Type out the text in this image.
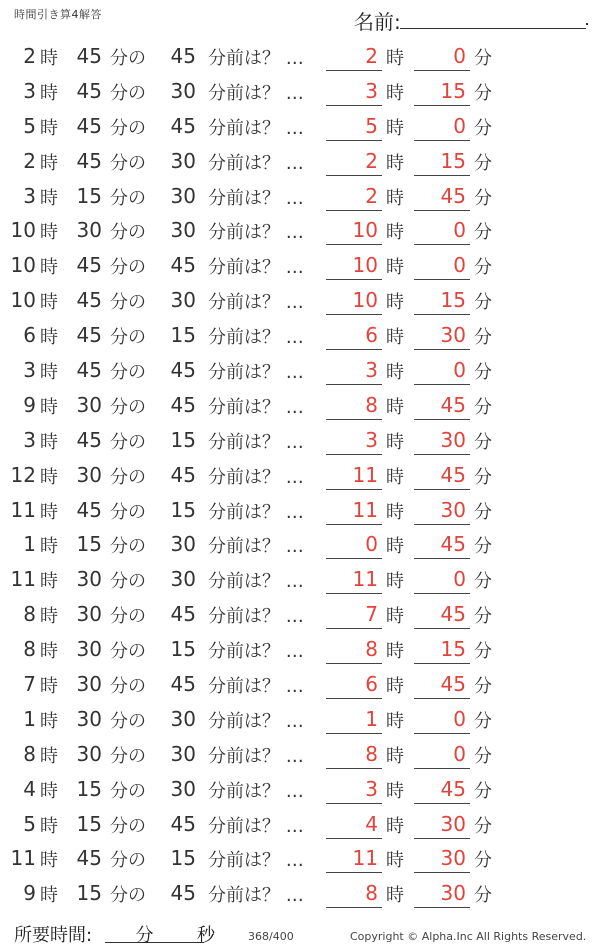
時間引き算4解答	名前:
2 時 45 分の	45 分前は？ …	2 時	0 分
3 時 45 分の	30 分前は？ …	3 時	15 分
5 時 45 分の	45 分前は？ …	5 時	0 分
2 時 45 分の	30 分前は？ …	2 時	15 分
3 時 15 分の	30 分前は？ …	2 時	45 分
10 時 30 分の	30 分前は？ …	10 時	0 分
10 時 45 分の	45 分前は？ …	10 時	0 分
10 時 45 分の	30 分前は？ …	10 時	15 分
6 時 45 分の	15 分前は？ …	6 時	30 分
3 時 45 分の	45 分前は？ …	3 時	0 分
9 時 30 分の	45 分前は？ …	8 時	45 分
3 時 45 分の	15 分前は？ …	3 時	30 分
12 時 30 分の	45 分前は？ …	11 時	45 分
11 時 45 分の	15 分前は？ …	11 時	30 分
1 時 15 分の	30 分前は？ …	0 時	45 分
11 時 30 分の	30 分前は？ …	11 時	0 分
8 時 30 分の	45 分前は？ …	7 時	45 分
8 時 30 分の	15 分前は？ …	8 時	15 分
7 時 30 分の	45 分前は？ …	6 時	45 分
1 時 30 分の	30 分前は？ …	1 時	0 分
8 時 30 分の	30 分前は？ …	8 時	0 分
4 時 15 分の	30 分前は？ …	3 時	45 分
5 時 15 分の	45 分前は？ …	4 時	30 分
11 時 45 分の	15 分前は？ …	11 時	30 分
9 時 15 分の	45 分前は？ …	8 時	30 分
所要時間: 分 秒	368/400	Copyright © Alpha.Inc All Rights Reserved.
